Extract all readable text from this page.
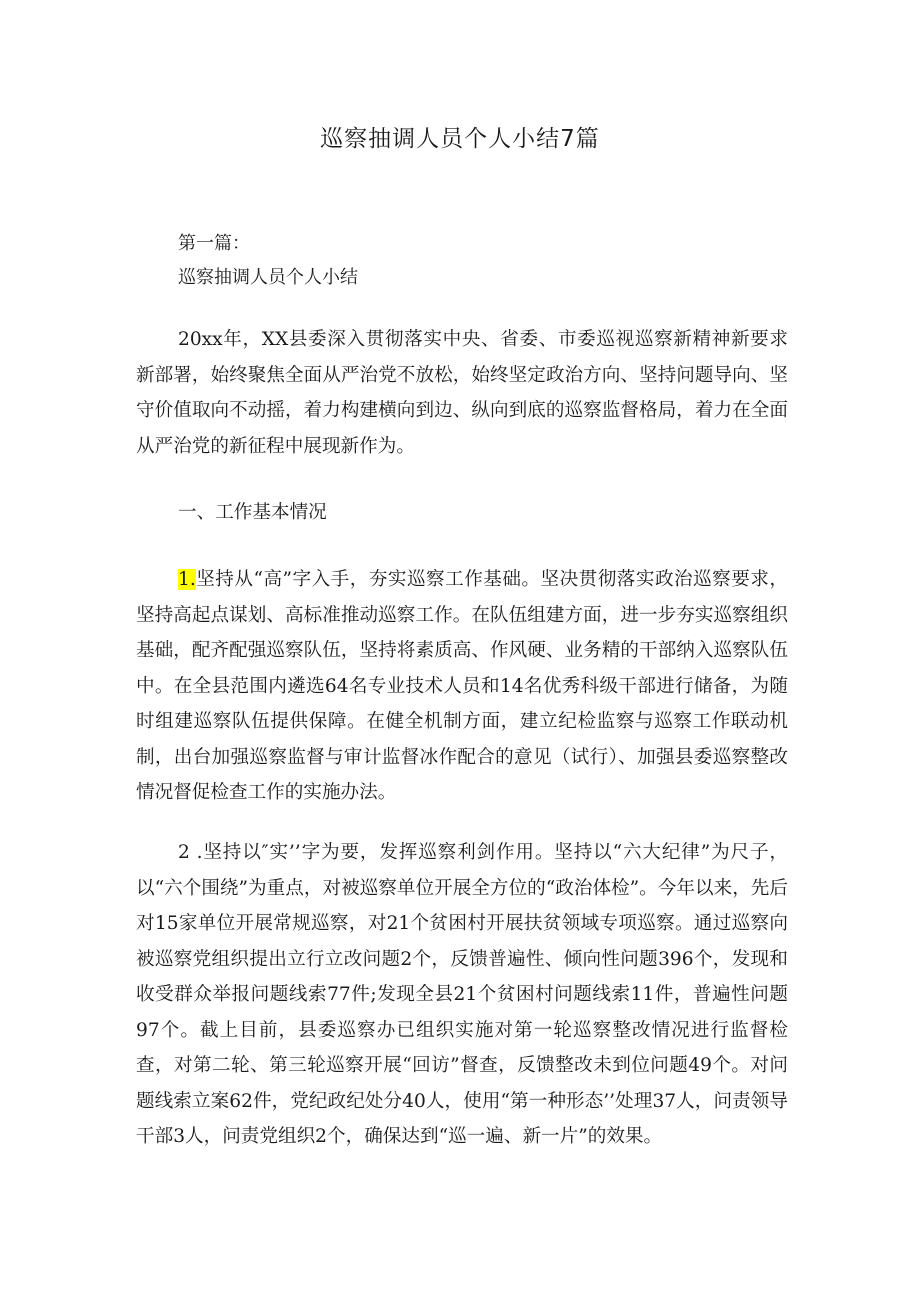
巡察抽调人员个人小结7篇

第一篇：

巡察抽调人员个人小结

20xx年，XX县委深入贯彻落实中央、省委、市委巡视巡察新精神新要求新部署，始终聚焦全面从严治党不放松，始终坚定政治方向、坚持问题导向、坚守价值取向不动摇，着力构建横向到边、纵向到底的巡察监督格局，着力在全面从严治党的新征程中展现新作为。

一、工作基本情况

1.坚持从“高”字入手，夯实巡察工作基础。坚决贯彻落实政治巡察要求，坚持高起点谋划、高标准推动巡察工作。在队伍组建方面，进一步夯实巡察组织基础，配齐配强巡察队伍，坚持将素质高、作风硬、业务精的干部纳入巡察队伍中。在全县范围内遴选64名专业技术人员和14名优秀科级干部进行储备，为随时组建巡察队伍提供保障。在健全机制方面，建立纪检监察与巡察工作联动机制，出台加强巡察监督与审计监督冰作配合的意见（试行）、加强县委巡察整改情况督促检查工作的实施办法。

2 .坚持以″实’’字为要，发挥巡察利剑作用。坚持以“六大纪律”为尺子，以“六个围绕”为重点，对被巡察单位开展全方位的“政治体检”。今年以来，先后对15家单位开展常规巡察，对21个贫困村开展扶贫领域专项巡察。通过巡察向被巡察党组织提出立行立改问题2个，反馈普遍性、倾向性问题396个，发现和收受群众举报问题线索77件;发现全县21个贫困村问题线索11件，普遍性问题97个。截上目前，县委巡察办已组织实施对第一轮巡察整改情况进行监督检查，对第二轮、第三轮巡察开展“回访”督查，反馈整改未到位问题49个。对问题线索立案62件，党纪政纪处分40人，使用“第一种形态’’处理37人，问责领导干部3人，问责党组织2个，确保达到“巡一遍、新一片”的效果。
